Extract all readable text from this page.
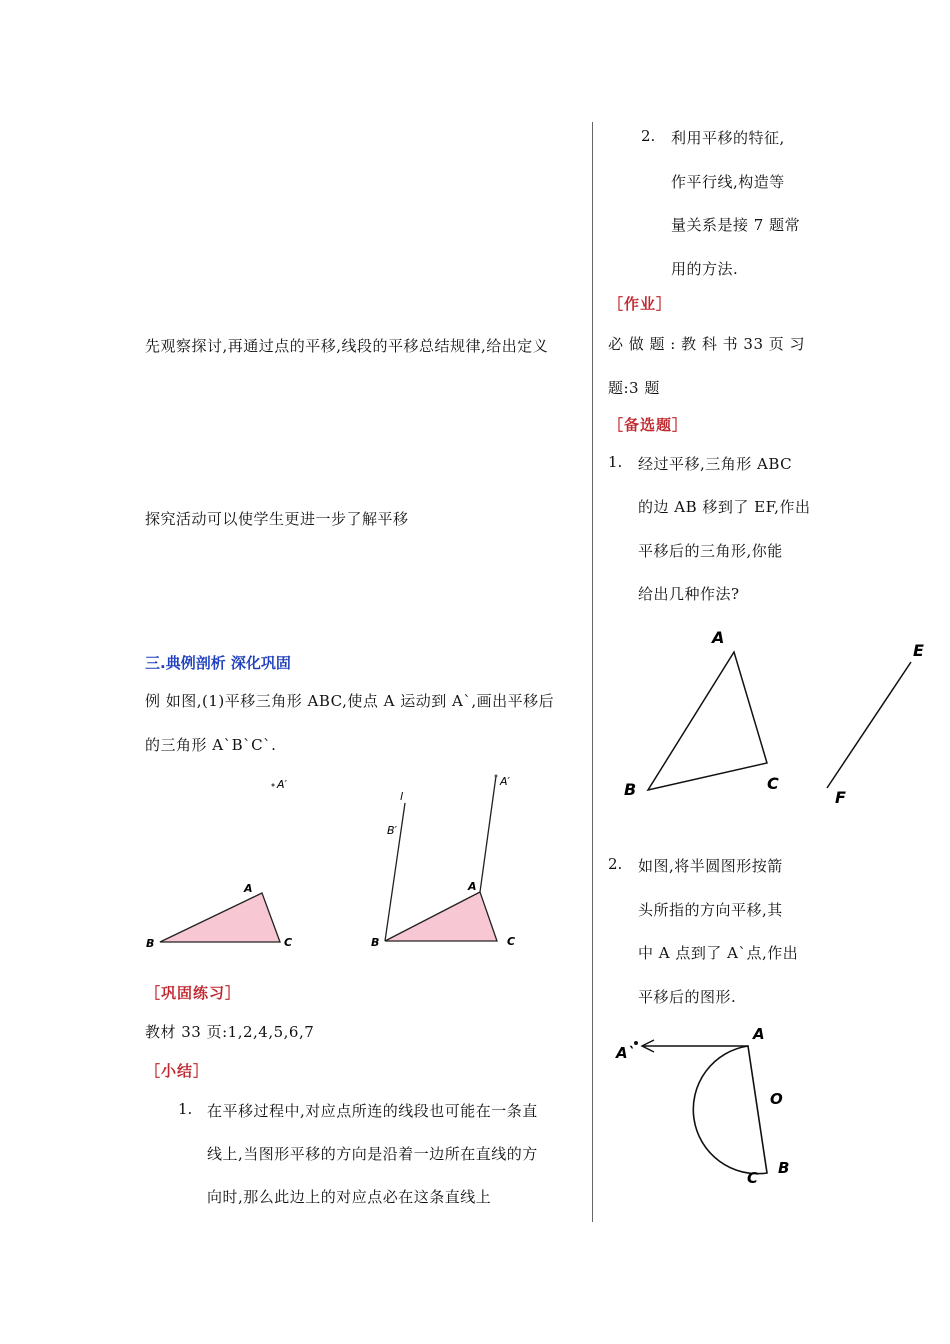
先观察探讨,再通过点的平移,线段的平移总结规律,给出定义
探究活动可以使学生更进一步了解平移
三.典例剖析 深化巩固
例 如图,(1)平移三角形 ABC,使点 A 运动到 A`,画出平移后
的三角形 A`B`C`.
A′
A
B	C
l
B′
A′
A
B	C
［巩固练习］
教材 33 页:1,2,4,5,6,7
［小结］
1. 在平移过程中,对应点所连的线段也可能在一条直
线上,当图形平移的方向是沿着一边所在直线的方
向时,那么此边上的对应点必在这条直线上
2. 利用平移的特征,
作平行线,构造等
量关系是接 7 题常
用的方法.
［作业］
必 做 题 : 教 科 书 33 页 习
题:3 题
［备选题］
1. 经过平移,三角形 ABC
的边 AB 移到了 EF,作出
平移后的三角形,你能
给出几种作法?
A
B	C
E
F
2. 如图,将半圆图形按箭
头所指的方向平移,其
中 A 点到了 A`点,作出
平移后的图形.
A`
A
O
B
C
